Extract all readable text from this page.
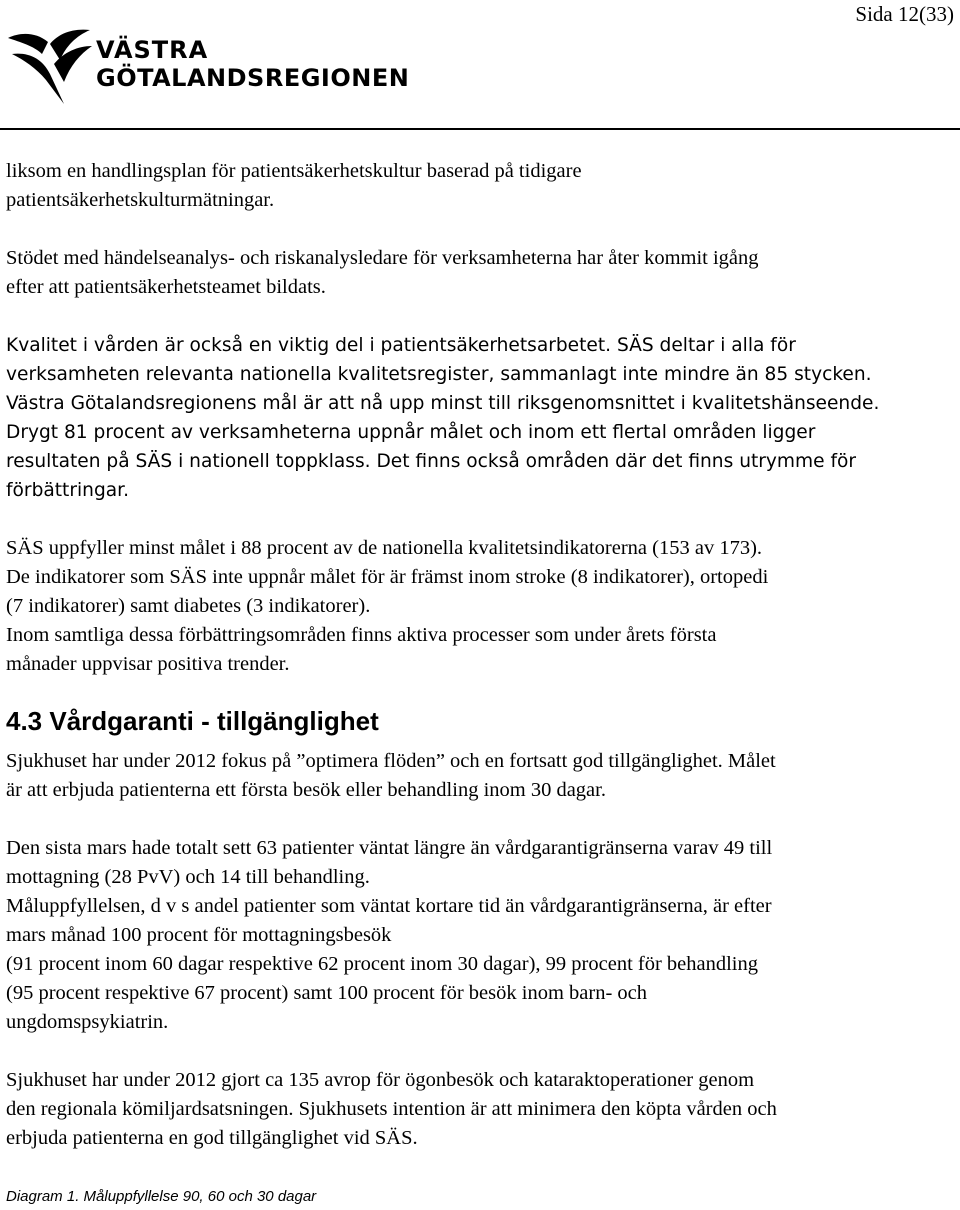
Sida 12(33)
VÄSTRA
GÖTALANDSREGIONEN

liksom en handlingsplan för patientsäkerhetskultur baserad på tidigare
patientsäkerhetskulturmätningar.

Stödet med händelseanalys- och riskanalysledare för verksamheterna har åter kommit igång
efter att patientsäkerhetsteamet bildats.

Kvalitet i vården är också en viktig del i patientsäkerhetsarbetet. SÄS deltar i alla för
verksamheten relevanta nationella kvalitetsregister, sammanlagt inte mindre än 85 stycken.
Västra Götalandsregionens mål är att nå upp minst till riksgenomsnittet i kvalitetshänseende.
Drygt 81 procent av verksamheterna uppnår målet och inom ett flertal områden ligger
resultaten på SÄS i nationell toppklass. Det finns också områden där det finns utrymme för
förbättringar.

SÄS uppfyller minst målet i 88 procent av de nationella kvalitetsindikatorerna (153 av 173).
De indikatorer som SÄS inte uppnår målet för är främst inom stroke (8 indikatorer), ortopedi
(7 indikatorer) samt diabetes (3 indikatorer).
Inom samtliga dessa förbättringsområden finns aktiva processer som under årets första
månader uppvisar positiva trender.

4.3 Vårdgaranti - tillgänglighet

Sjukhuset har under 2012 fokus på ”optimera flöden” och en fortsatt god tillgänglighet. Målet
är att erbjuda patienterna ett första besök eller behandling inom 30 dagar.

Den sista mars hade totalt sett 63 patienter väntat längre än vårdgarantigränserna varav 49 till
mottagning (28 PvV) och 14 till behandling.
Måluppfyllelsen, d v s andel patienter som väntat kortare tid än vårdgarantigränserna, är efter
mars månad 100 procent för mottagningsbesök
(91 procent inom 60 dagar respektive 62 procent inom 30 dagar), 99 procent för behandling
(95 procent respektive 67 procent) samt 100 procent för besök inom barn- och
ungdomspsykiatrin.

Sjukhuset har under 2012 gjort ca 135 avrop för ögonbesök och kataraktoperationer genom
den regionala kömiljardsatsningen. Sjukhusets intention är att minimera den köpta vården och
erbjuda patienterna en god tillgänglighet vid SÄS.

Diagram 1. Måluppfyllelse 90, 60 och 30 dagar
